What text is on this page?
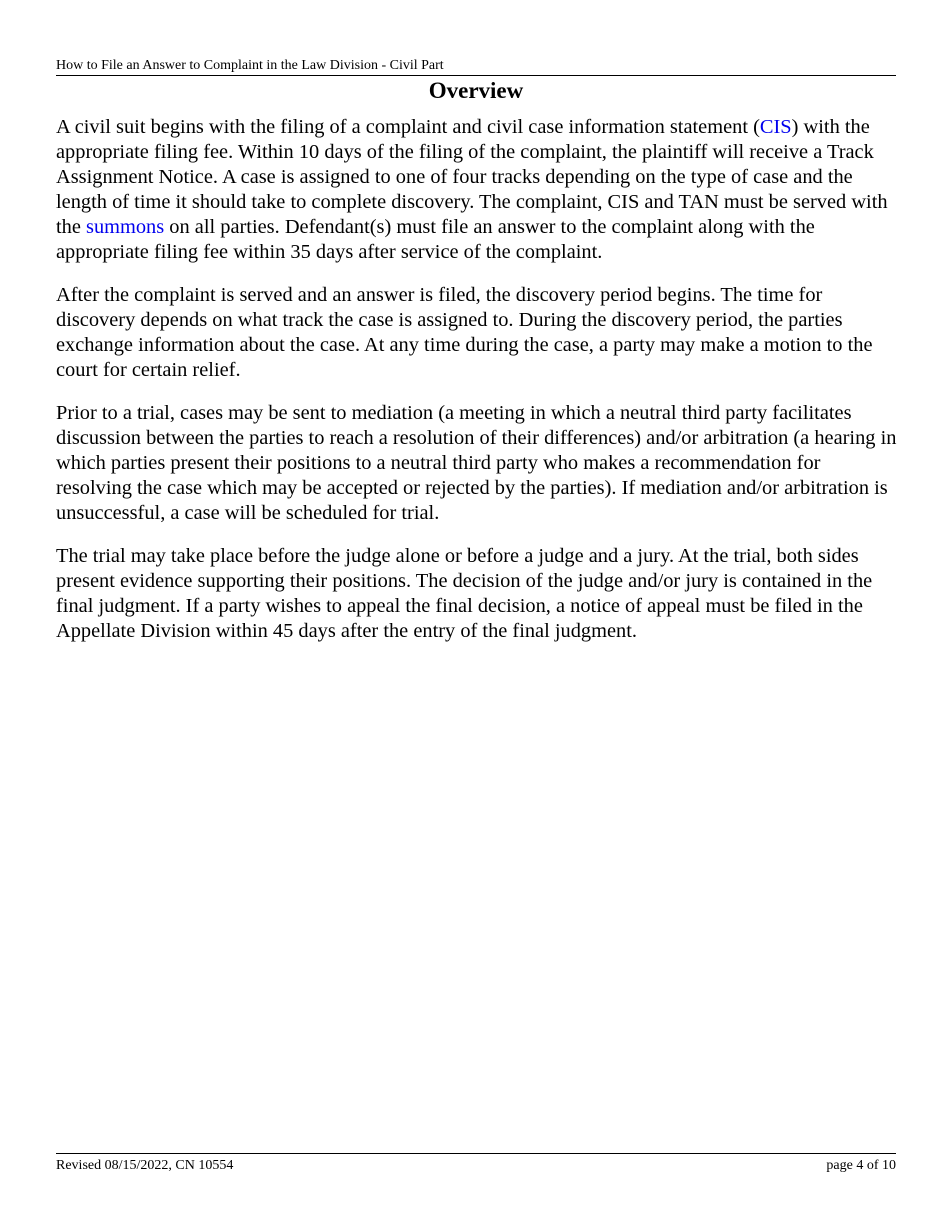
How to File an Answer to Complaint in the Law Division - Civil Part
Overview

A civil suit begins with the filing of a complaint and civil case information statement (CIS) with the appropriate filing fee. Within 10 days of the filing of the complaint, the plaintiff will receive a Track Assignment Notice. A case is assigned to one of four tracks depending on the type of case and the length of time it should take to complete discovery. The complaint, CIS and TAN must be served with the summons on all parties. Defendant(s) must file an answer to the complaint along with the appropriate filing fee within 35 days after service of the complaint.

After the complaint is served and an answer is filed, the discovery period begins. The time for discovery depends on what track the case is assigned to. During the discovery period, the parties exchange information about the case. At any time during the case, a party may make a motion to the court for certain relief.

Prior to a trial, cases may be sent to mediation (a meeting in which a neutral third party facilitates discussion between the parties to reach a resolution of their differences) and/or arbitration (a hearing in which parties present their positions to a neutral third party who makes a recommendation for resolving the case which may be accepted or rejected by the parties). If mediation and/or arbitration is unsuccessful, a case will be scheduled for trial.

The trial may take place before the judge alone or before a judge and a jury. At the trial, both sides present evidence supporting their positions. The decision of the judge and/or jury is contained in the final judgment. If a party wishes to appeal the final decision, a notice of appeal must be filed in the Appellate Division within 45 days after the entry of the final judgment.

Revised 08/15/2022, CN 10554	page 4 of 10
